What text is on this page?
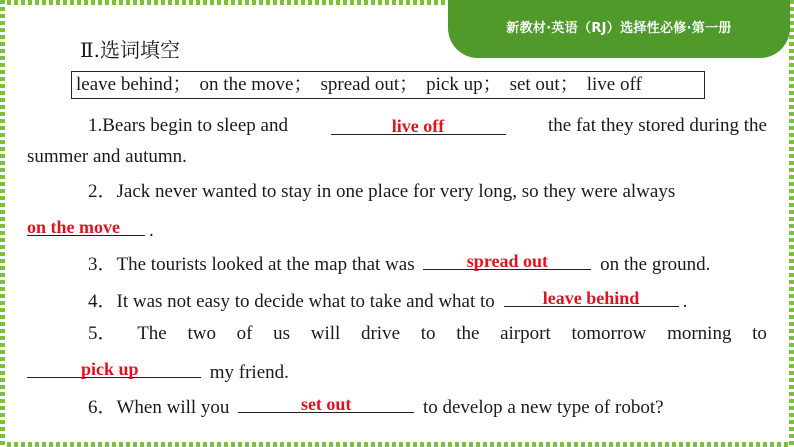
新教材·英语（RJ）选择性必修·第一册
Ⅱ.选词填空
leave behind； on the move； spread out； pick up； set out； live off
1.Bears begin to sleep and	live off	the fat they stored during the
summer and autumn.
2．Jack never wanted to stay in one place for very long, so they were always
on the move	.
3．The tourists looked at the map that was	spread out	on the ground.
4．It was not easy to decide what to take and what to	leave behind	.
5． The two of us will drive to the airport tomorrow morning to
pick up	my friend.
6．When will you	set out	to develop a new type of robot?
